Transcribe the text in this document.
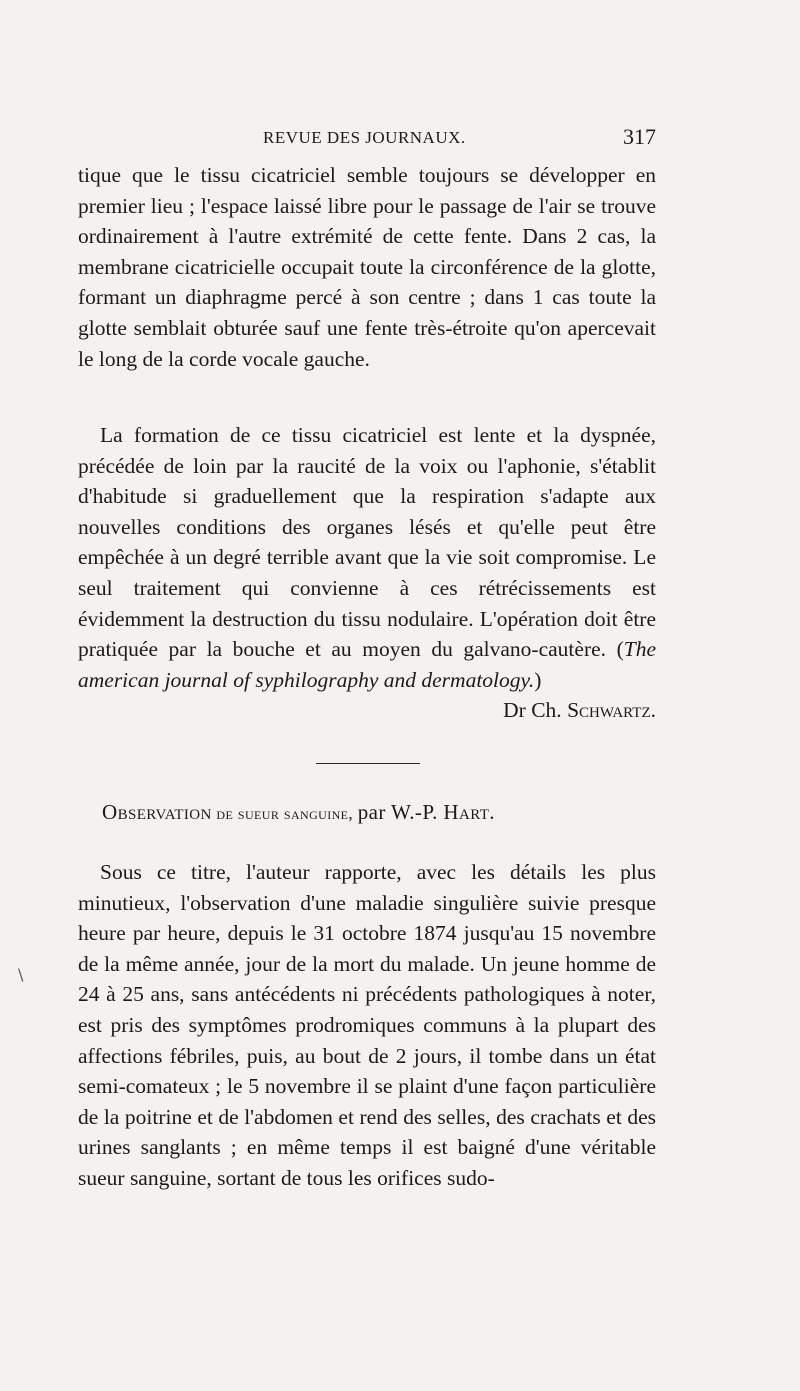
REVUE DES JOURNAUX.	317

tique que le tissu cicatriciel semble toujours se développer en premier lieu ; l'espace laissé libre pour le passage de l'air se trouve ordinairement à l'autre extrémité de cette fente. Dans 2 cas, la membrane cicatricielle occupait toute la circonférence de la glotte, formant un diaphragme percé à son centre ; dans 1 cas toute la glotte semblait obturée sauf une fente très-étroite qu'on apercevait le long de la corde vocale gauche.

La formation de ce tissu cicatriciel est lente et la dyspnée, précédée de loin par la raucité de la voix ou l'aphonie, s'établit d'habitude si graduellement que la respiration s'adapte aux nouvelles conditions des organes lésés et qu'elle peut être empêchée à un degré terrible avant que la vie soit compromise. Le seul traitement qui convienne à ces rétrécissements est évidemment la destruction du tissu nodulaire. L'opération doit être pratiquée par la bouche et au moyen du galvano-cautère. (The american journal of syphilography and dermatology.)
Dr Ch. Schwartz.

Observation de sueur sanguine, par W.-P. Hart.

Sous ce titre, l'auteur rapporte, avec les détails les plus minutieux, l'observation d'une maladie singulière suivie presque heure par heure, depuis le 31 octobre 1874 jusqu'au 15 novembre de la même année, jour de la mort du malade. Un jeune homme de 24 à 25 ans, sans antécédents ni précédents pathologiques à noter, est pris des symptômes prodromiques communs à la plupart des affections fébriles, puis, au bout de 2 jours, il tombe dans un état semi-comateux ; le 5 novembre il se plaint d'une façon particulière de la poitrine et de l'abdomen et rend des selles, des crachats et des urines sanglants ; en même temps il est baigné d'une véritable sueur sanguine, sortant de tous les orifices sudo-

\
